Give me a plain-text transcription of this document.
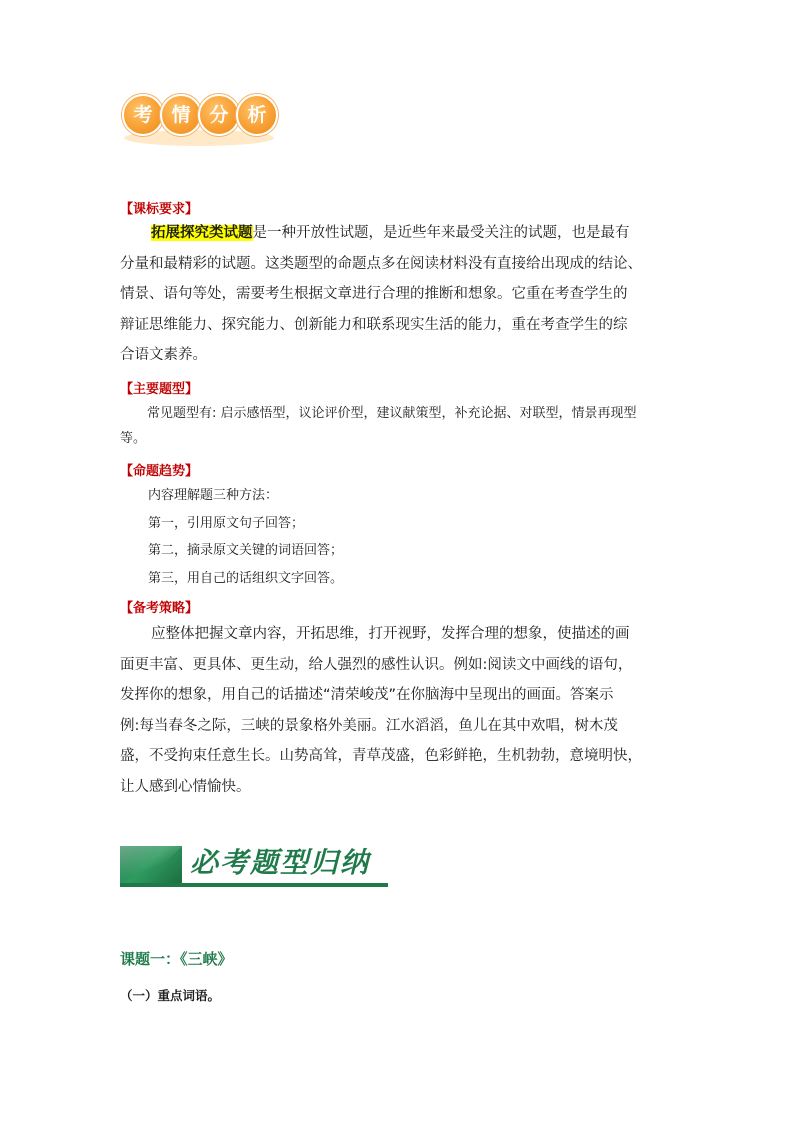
考 情 分 析
【课标要求】
拓展探究类试题是一种开放性试题，是近些年来最受关注的试题，也是最有
分量和最精彩的试题。这类题型的命题点多在阅读材料没有直接给出现成的结论、
情景、语句等处，需要考生根据文章进行合理的推断和想象。它重在考查学生的
辩证思维能力、探究能力、创新能力和联系现实生活的能力，重在考查学生的综
合语文素养。
【主要题型】
常见题型有: 启示感悟型，议论评价型，建议献策型，补充论据、对联型，情景再现型
等。
【命题趋势】
内容理解题三种方法：
第一，引用原文句子回答；
第二，摘录原文关键的词语回答；
第三，用自己的话组织文字回答。
【备考策略】
应整体把握文章内容，开拓思维，打开视野，发挥合理的想象，使描述的画
面更丰富、更具体、更生动，给人强烈的感性认识。例如:阅读文中画线的语句，
发挥你的想象，用自己的话描述“清荣峻茂”在你脑海中呈现出的画面。答案示
例:每当春冬之际，三峡的景象格外美丽。江水滔滔，鱼儿在其中欢唱，树木茂
盛，不受拘束任意生长。山势高耸，青草茂盛，色彩鲜艳，生机勃勃，意境明快，
让人感到心情愉快。
必考题型归纳
课题一：《三峡》
（一）重点词语。
